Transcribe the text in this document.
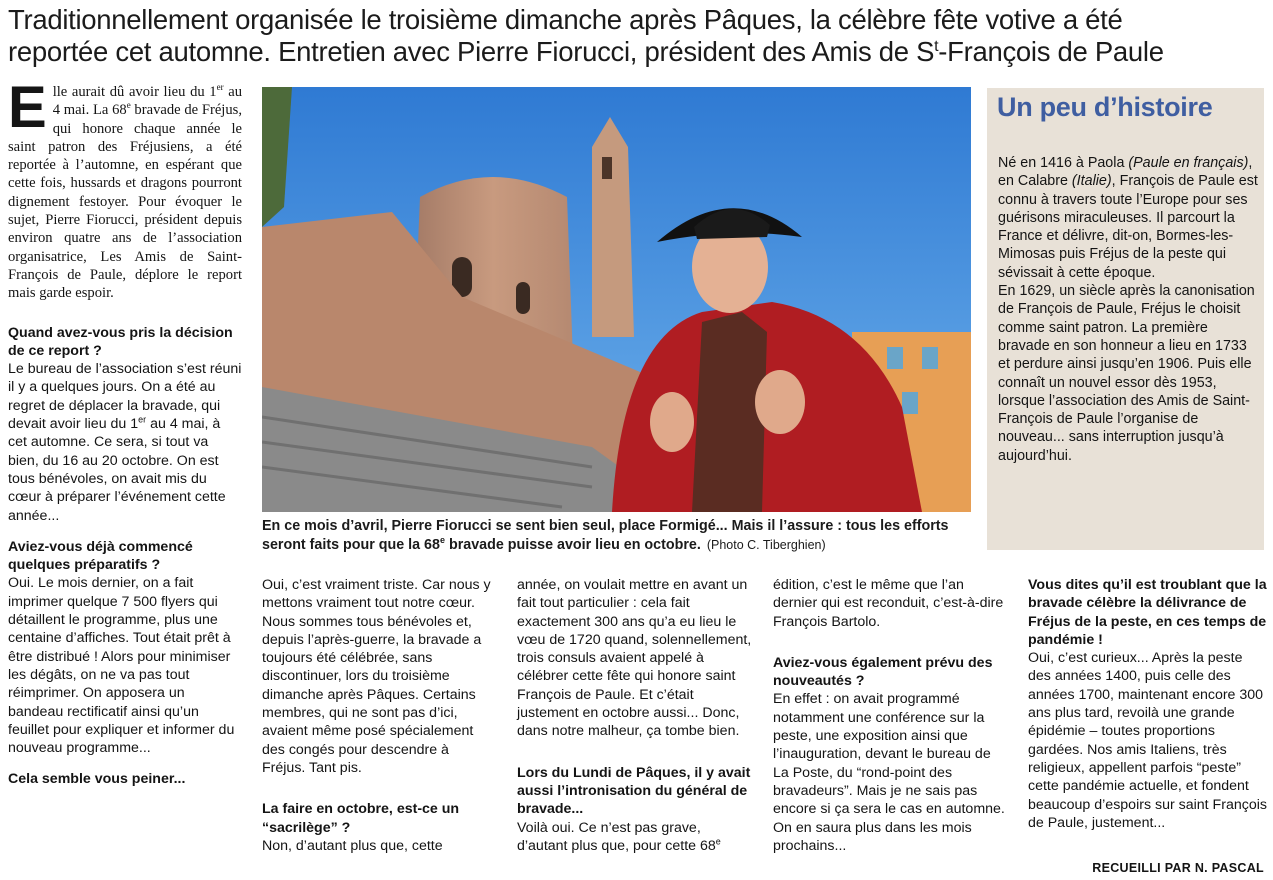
Traditionnellement organisée le troisième dimanche après Pâques, la célèbre fête votive a été
reportée cet automne. Entretien avec Pierre Fiorucci, président des Amis de $S^t$-François de Paule
Elle aurait dû avoir lieu du 1er au 4 mai. La 68e bravade de Fréjus, qui honore chaque année le saint patron des Fréjusiens, a été reportée à l’automne, en espérant que cette fois, hussards et dragons pourront dignement festoyer. Pour évoquer le sujet, Pierre Fiorucci, président depuis environ quatre ans de l’association organisatrice, Les Amis de Saint-François de Paule, déplore le report mais garde espoir.
Quand avez-vous pris la décision de ce report ?
Le bureau de l’association s’est réuni il y a quelques jours. On a été au regret de déplacer la bravade, qui devait avoir lieu du 1er au 4 mai, à cet automne. Ce sera, si tout va bien, du 16 au 20 octobre. On est tous bénévoles, on avait mis du cœur à préparer l’événement cette année...
Aviez-vous déjà commencé quelques préparatifs ?
Oui. Le mois dernier, on a fait imprimer quelque 7 500 flyers qui détaillent le programme, plus une centaine d’affiches. Tout était prêt à être distribué ! Alors pour minimiser les dégâts, on ne va pas tout réimprimer. On apposera un bandeau rectificatif ainsi qu’un feuillet pour expliquer et informer du nouveau programme...
Cela semble vous peiner...
En ce mois d’avril, Pierre Fiorucci se sent bien seul, place Formigé... Mais il l’assure : tous les efforts seront faits pour que la 68e bravade puisse avoir lieu en octobre. (Photo C. Tiberghien)
Un peu d’histoire
Né en 1416 à Paola (Paule en français), en Calabre (Italie), François de Paule est connu à travers toute l’Europe pour ses guérisons miraculeuses. Il parcourt la France et délivre, dit-on, Bormes-les-Mimosas puis Fréjus de la peste qui sévissait à cette époque.
En 1629, un siècle après la canonisation de François de Paule, Fréjus le choisit comme saint patron. La première bravade en son honneur a lieu en 1733 et perdure ainsi jusqu’en 1906. Puis elle connaît un nouvel essor dès 1953, lorsque l’association des Amis de Saint-François de Paule l’organise de nouveau... sans interruption jusqu’à aujourd’hui.
Oui, c’est vraiment triste. Car nous y mettons vraiment tout notre cœur. Nous sommes tous bénévoles et, depuis l’après-guerre, la bravade a toujours été célébrée, sans discontinuer, lors du troisième dimanche après Pâques. Certains membres, qui ne sont pas d’ici, avaient même posé spécialement des congés pour descendre à Fréjus. Tant pis.
La faire en octobre, est-ce un “sacrilège” ?
Non, d’autant plus que, cette
année, on voulait mettre en avant un fait tout particulier : cela fait exactement 300 ans qu’a eu lieu le vœu de 1720 quand, solennellement, trois consuls avaient appelé à célébrer cette fête qui honore saint François de Paule. Et c’était justement en octobre aussi... Donc, dans notre malheur, ça tombe bien.
Lors du Lundi de Pâques, il y avait aussi l’intronisation du général de bravade...
Voilà oui. Ce n’est pas grave, d’autant plus que, pour cette 68e
édition, c’est le même que l’an dernier qui est reconduit, c’est-à-dire François Bartolo.
Aviez-vous également prévu des nouveautés ?
En effet : on avait programmé notamment une conférence sur la peste, une exposition ainsi que l’inauguration, devant le bureau de La Poste, du “rond-point des bravadeurs”. Mais je ne sais pas encore si ça sera le cas en automne. On en saura plus dans les mois prochains...
Vous dites qu’il est troublant que la bravade célèbre la délivrance de Fréjus de la peste, en ces temps de pandémie !
Oui, c’est curieux... Après la peste des années 1400, puis celle des années 1700, maintenant encore 300 ans plus tard, revoilà une grande épidémie – toutes proportions gardées. Nos amis Italiens, très religieux, appellent parfois “peste” cette pandémie actuelle, et fondent beaucoup d’espoirs sur saint François de Paule, justement...
RECUEILLI PAR N. PASCAL
